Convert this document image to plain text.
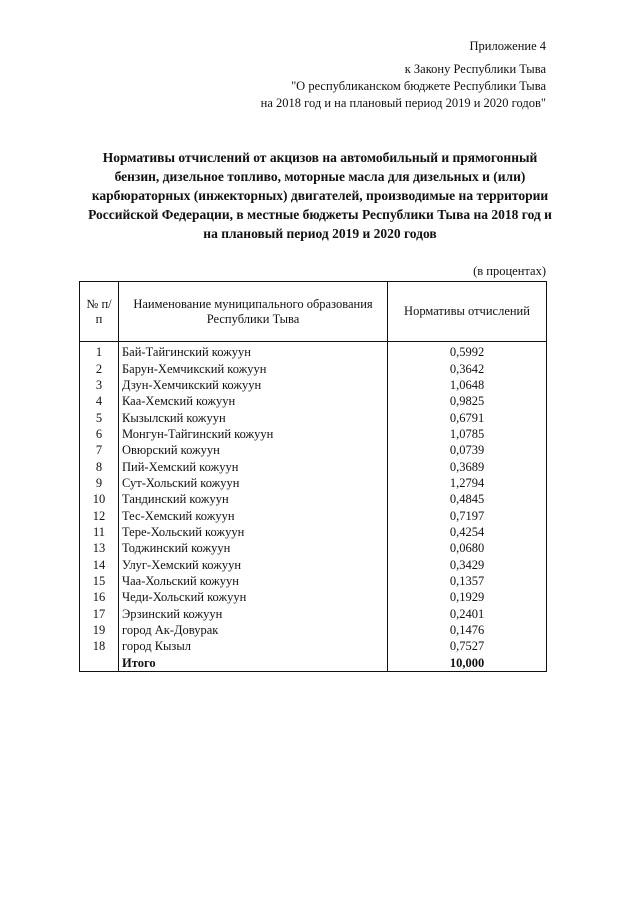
Приложение 4
к Закону Республики Тыва
"О республиканском бюджете Республики Тыва
на 2018 год и на плановый период 2019 и 2020 годов"
Нормативы отчислений от акцизов на автомобильный и прямогонный бензин, дизельное топливо, моторные масла для дизельных и (или) карбюраторных (инжекторных) двигателей, производимые на территории Российской Федерации, в местные бюджеты Республики Тыва на 2018 год и на плановый период 2019 и 2020 годов
(в процентах)
№ п/п	Наименование муниципального образования Республики Тыва	Нормативы отчислений
1	Бай-Тайгинский кожуун	0,5992
2	Барун-Хемчикский кожуун	0,3642
3	Дзун-Хемчикский кожуун	1,0648
4	Каа-Хемский кожуун	0,9825
5	Кызылский кожуун	0,6791
6	Монгун-Тайгинский кожуун	1,0785
7	Овюрский кожуун	0,0739
8	Пий-Хемский кожуун	0,3689
9	Сут-Хольский кожуун	1,2794
10	Тандинский кожуун	0,4845
12	Тес-Хемский кожуун	0,7197
11	Тере-Хольский кожуун	0,4254
13	Тоджинский кожуун	0,0680
14	Улуг-Хемский кожуун	0,3429
15	Чаа-Хольский кожуун	0,1357
16	Чеди-Хольский кожуун	0,1929
17	Эрзинский кожуун	0,2401
19	город Ак-Довурак	0,1476
18	город Кызыл	0,7527
	Итого	10,000
